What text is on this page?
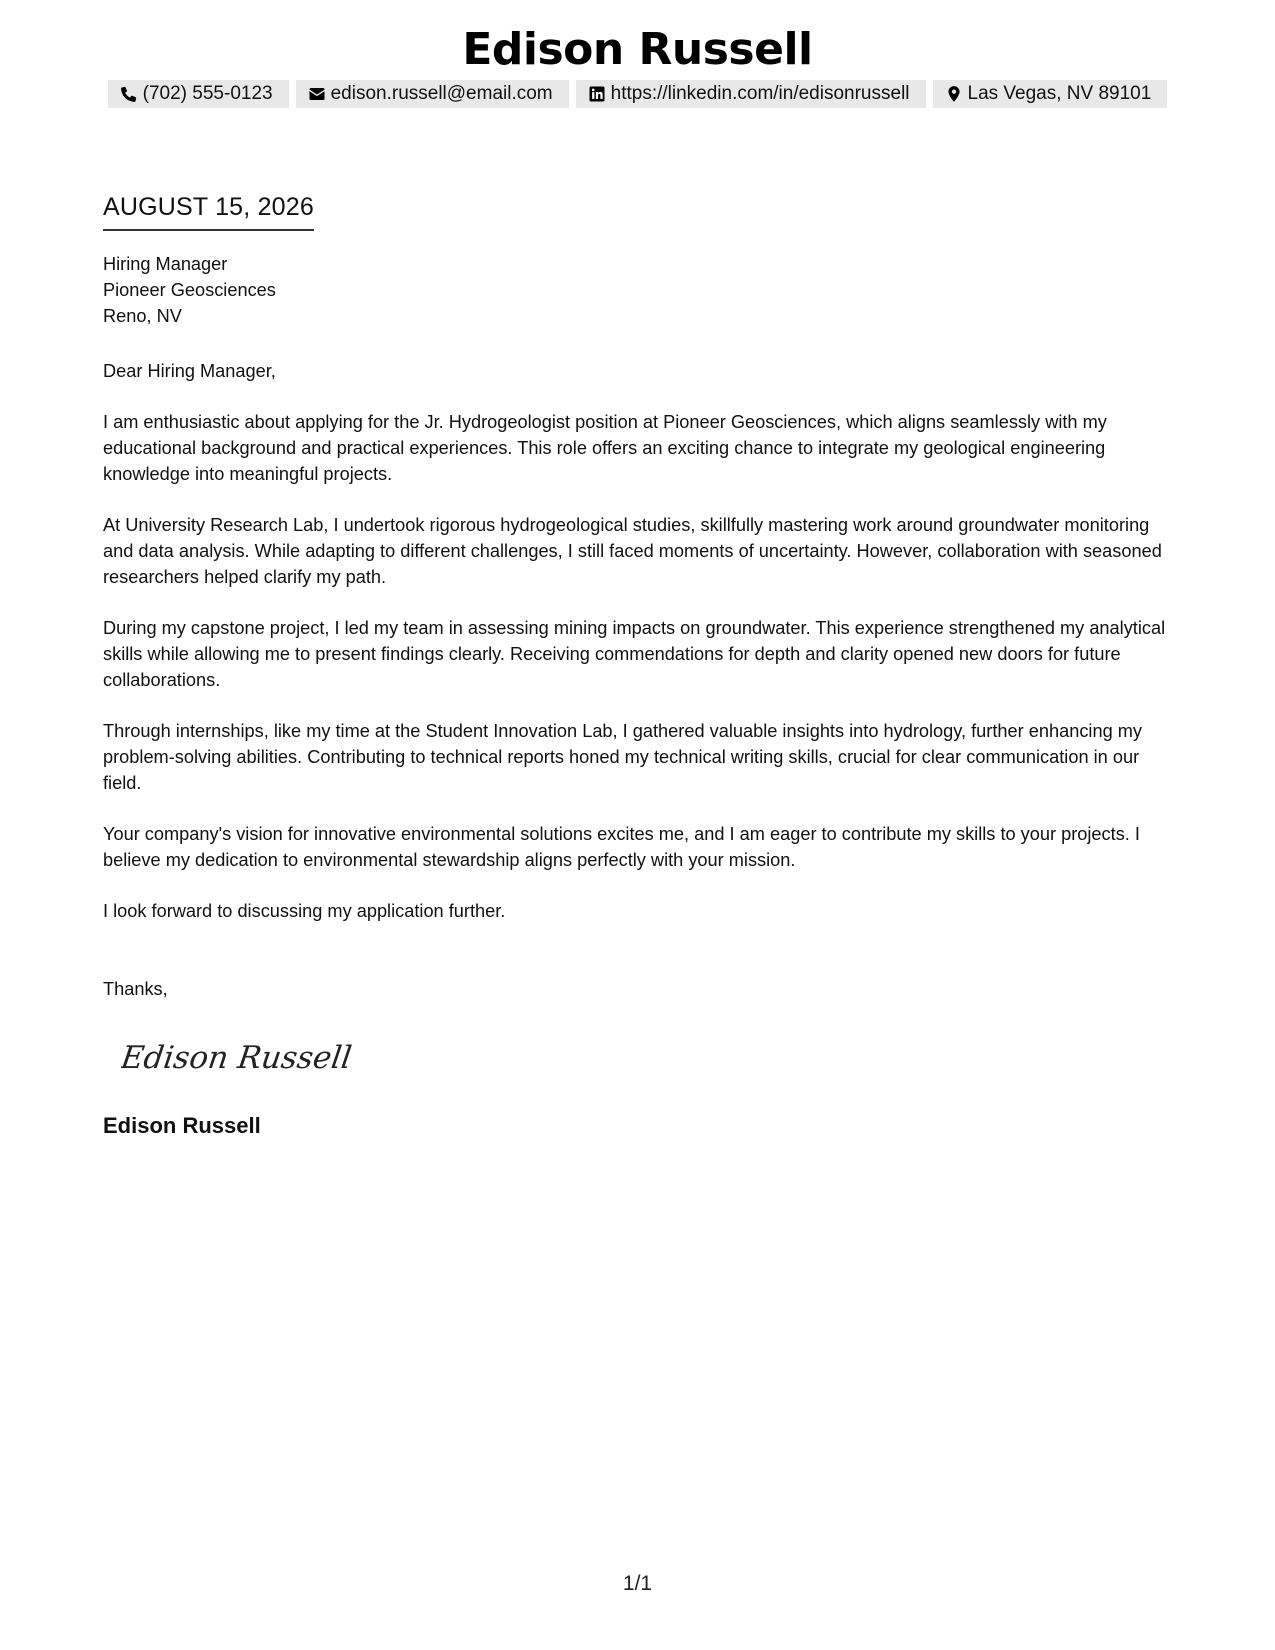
Edison Russell
(702) 555-0123	edison.russell@email.com	https://linkedin.com/in/edisonrussell	Las Vegas, NV 89101
AUGUST 15, 2026

Hiring Manager

Pioneer Geosciences

Reno, NV

Dear Hiring Manager,

I am enthusiastic about applying for the Jr. Hydrogeologist position at Pioneer Geosciences, which aligns seamlessly with my educational background and practical experiences. This role offers an exciting chance to integrate my geological engineering knowledge into meaningful projects.

At University Research Lab, I undertook rigorous hydrogeological studies, skillfully mastering work around groundwater monitoring and data analysis. While adapting to different challenges, I still faced moments of uncertainty. However, collaboration with seasoned researchers helped clarify my path.

During my capstone project, I led my team in assessing mining impacts on groundwater. This experience strengthened my analytical skills while allowing me to present findings clearly. Receiving commendations for depth and clarity opened new doors for future collaborations.

Through internships, like my time at the Student Innovation Lab, I gathered valuable insights into hydrology, further enhancing my problem-solving abilities. Contributing to technical reports honed my technical writing skills, crucial for clear communication in our field.

Your company's vision for innovative environmental solutions excites me, and I am eager to contribute my skills to your projects. I believe my dedication to environmental stewardship aligns perfectly with your mission.

I look forward to discussing my application further.

Thanks,

Edison Russell

Edison Russell

1/1
